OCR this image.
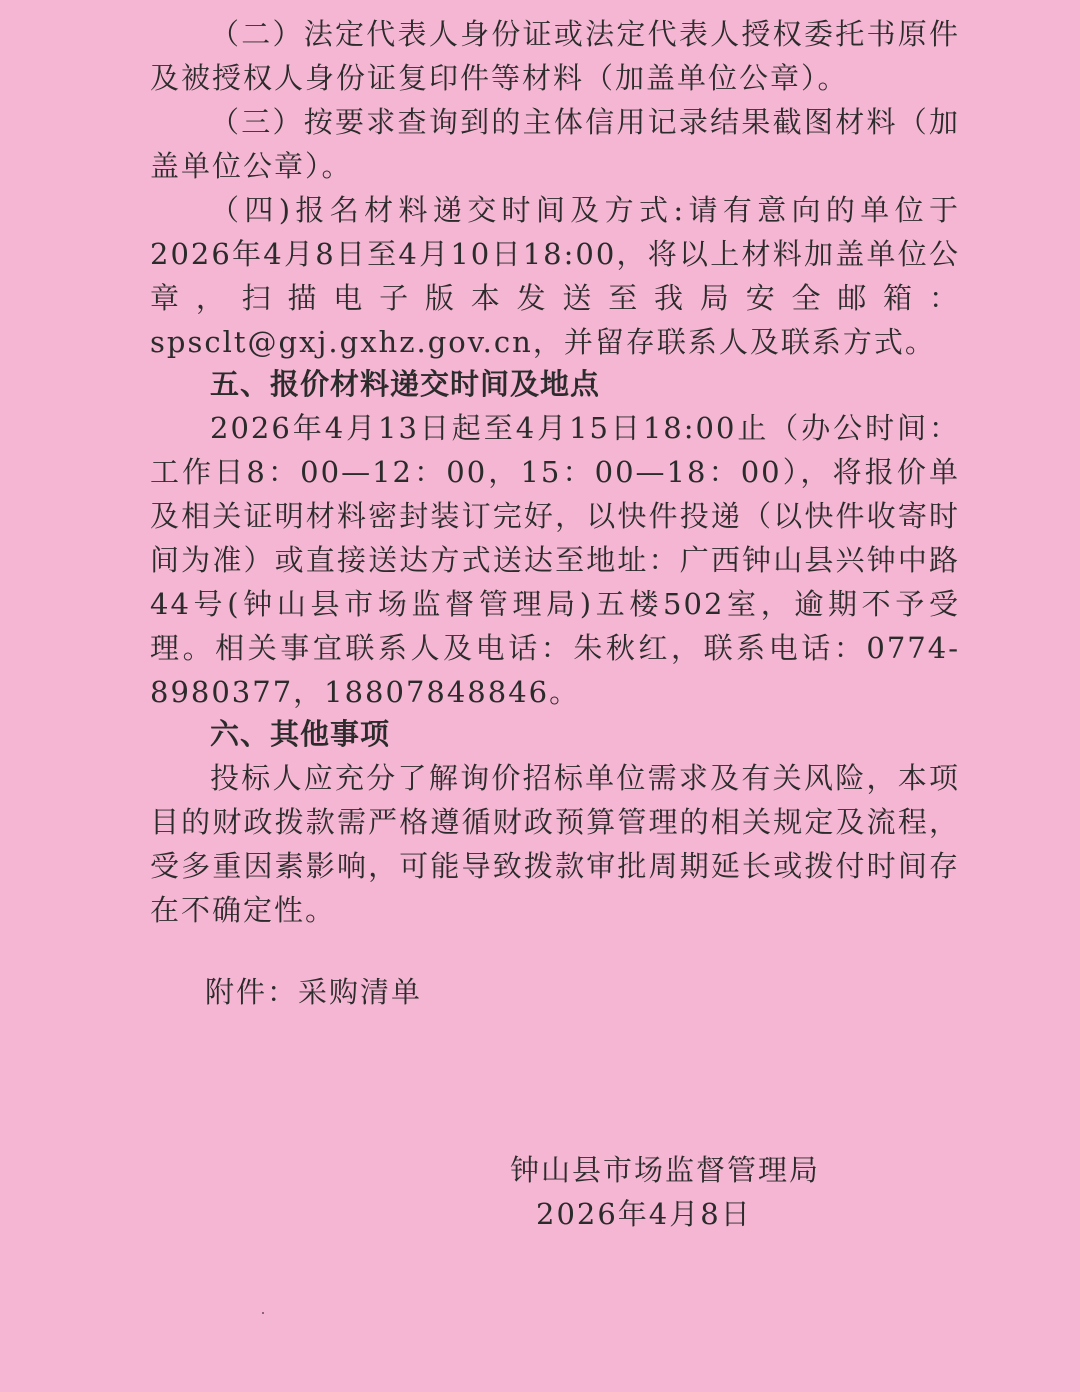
（二）法定代表人身份证或法定代表人授权委托书原件及被授权人身份证复印件等材料（加盖单位公章）。

（三）按要求查询到的主体信用记录结果截图材料（加盖单位公章）。

（四)报名材料递交时间及方式:请有意向的单位于2026年4月8日至4月10日18:00，将以上材料加盖单位公章，扫描电子版本发送至我局安全邮箱：spsclt@gxj.gxhz.gov.cn，并留存联系人及联系方式。

五、报价材料递交时间及地点

2026年4月13日起至4月15日18:00止（办公时间：工作日8：00—12：00，15：00—18：00），将报价单及相关证明材料密封装订完好，以快件投递（以快件收寄时间为准）或直接送达方式送达至地址：广西钟山县兴钟中路44号(钟山县市场监督管理局)五楼502室，逾期不予受理。相关事宜联系人及电话：朱秋红，联系电话：0774-8980377，18807848846。

六、其他事项

投标人应充分了解询价招标单位需求及有关风险，本项目的财政拨款需严格遵循财政预算管理的相关规定及流程，受多重因素影响，可能导致拨款审批周期延长或拨付时间存在不确定性。

附件：采购清单

钟山县市场监督管理局

2026年4月8日
